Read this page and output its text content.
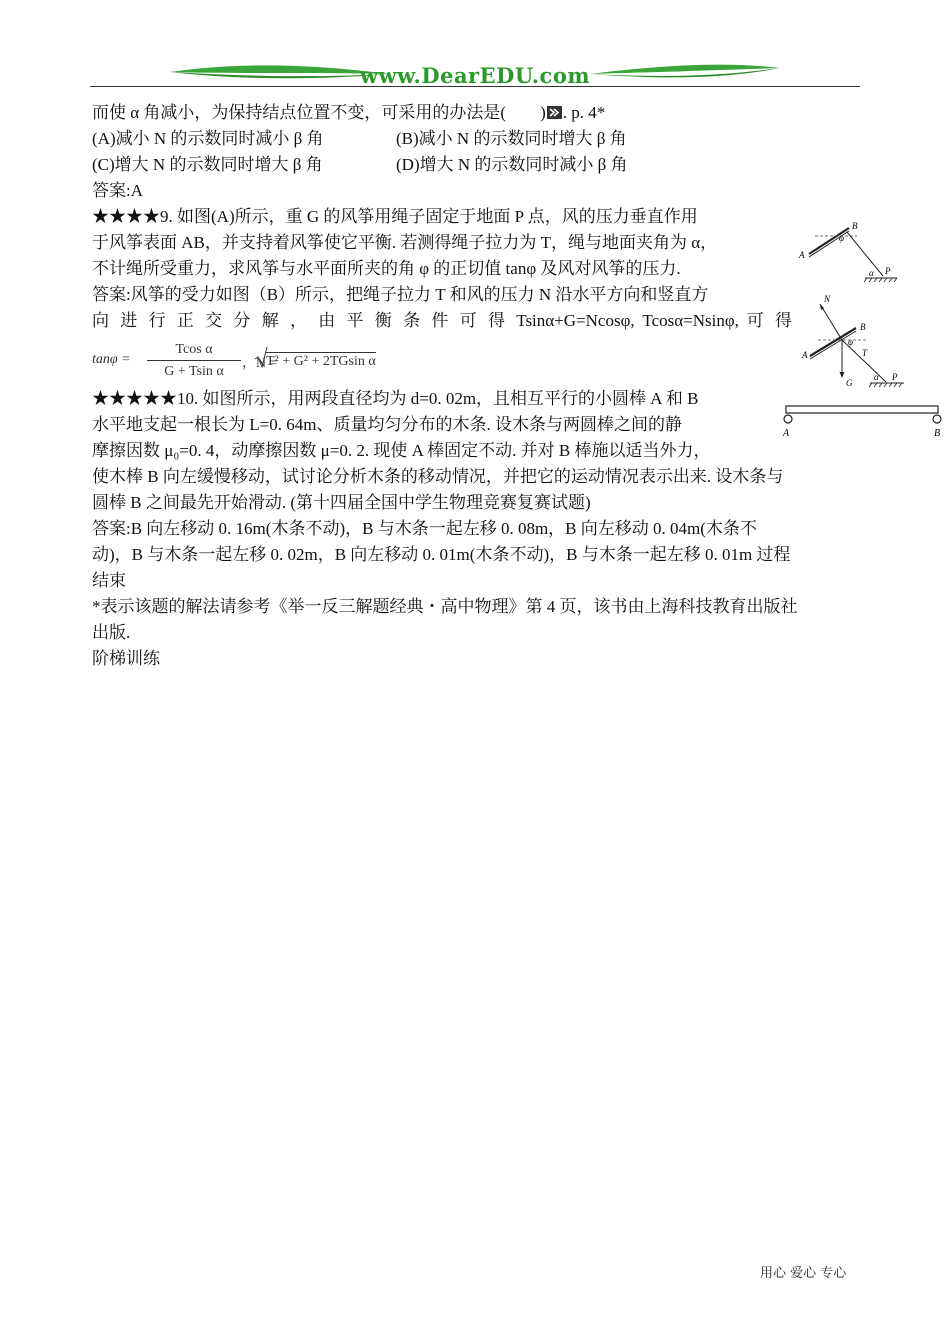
www.DearEDU.com
而使 α 角减小，为保持结点位置不变，可采用的办法是(　　) . p. 4*
(A)减小 N 的示数同时减小 β 角	(B)减小 N 的示数同时增大 β 角
(C)增大 N 的示数同时增大 β 角	(D)增大 N 的示数同时减小 β 角
答案:A
★★★★9. 如图(A)所示，重 G 的风筝用绳子固定于地面 P 点，风的压力垂直作用
于风筝表面 AB，并支持着风筝使它平衡. 若测得绳子拉力为 T，绳与地面夹角为 α，
不计绳所受重力，求风筝与水平面所夹的角 φ 的正切值 tanφ 及风对风筝的压力.
答案:风筝的受力如图（B）所示，把绳子拉力 T 和风的压力 N 沿水平方向和竖直方
向 进 行 正 交 分 解 ， 由 平 衡 条 件 可 得 Tsinα+G=Ncosφ, Tcosα=Nsinφ, 可 得
$\tan\varphi = \frac{\text{Tcos α}}{\text{G + Tsin α}}$ ，N =
T² + G² + 2TGsin α
★★★★★10. 如图所示，用两段直径均为 d=0. 02m，且相互平行的小圆棒 A 和 B
水平地支起一根长为 L=0. 64m、质量均匀分布的木条. 设木条与两圆棒之间的静
摩擦因数 μ₀=0. 4，动摩擦因数 μ=0. 2. 现使 A 棒固定不动. 并对 B 棒施以适当外力，
使木棒 B 向左缓慢移动，试讨论分析木条的移动情况，并把它的运动情况表示出来. 设木条与
圆棒 B 之间最先开始滑动. (第十四届全国中学生物理竞赛复赛试题)
答案:B 向左移动 0. 16m(木条不动)，B 与木条一起左移 0. 08m，B 向左移动 0. 04m(木条不
动)，B 与木条一起左移 0. 02m，B 向左移动 0. 01m(木条不动)，B 与木条一起左移 0. 01m 过程
结束
*表示该题的解法请参考《举一反三解题经典・高中物理》第 4 页，该书由上海科技教育出版社
出版.
阶梯训练
B
φ
A
α P
N
B
φ
T
A
G
α P
A	B
用心 爱心 专心
